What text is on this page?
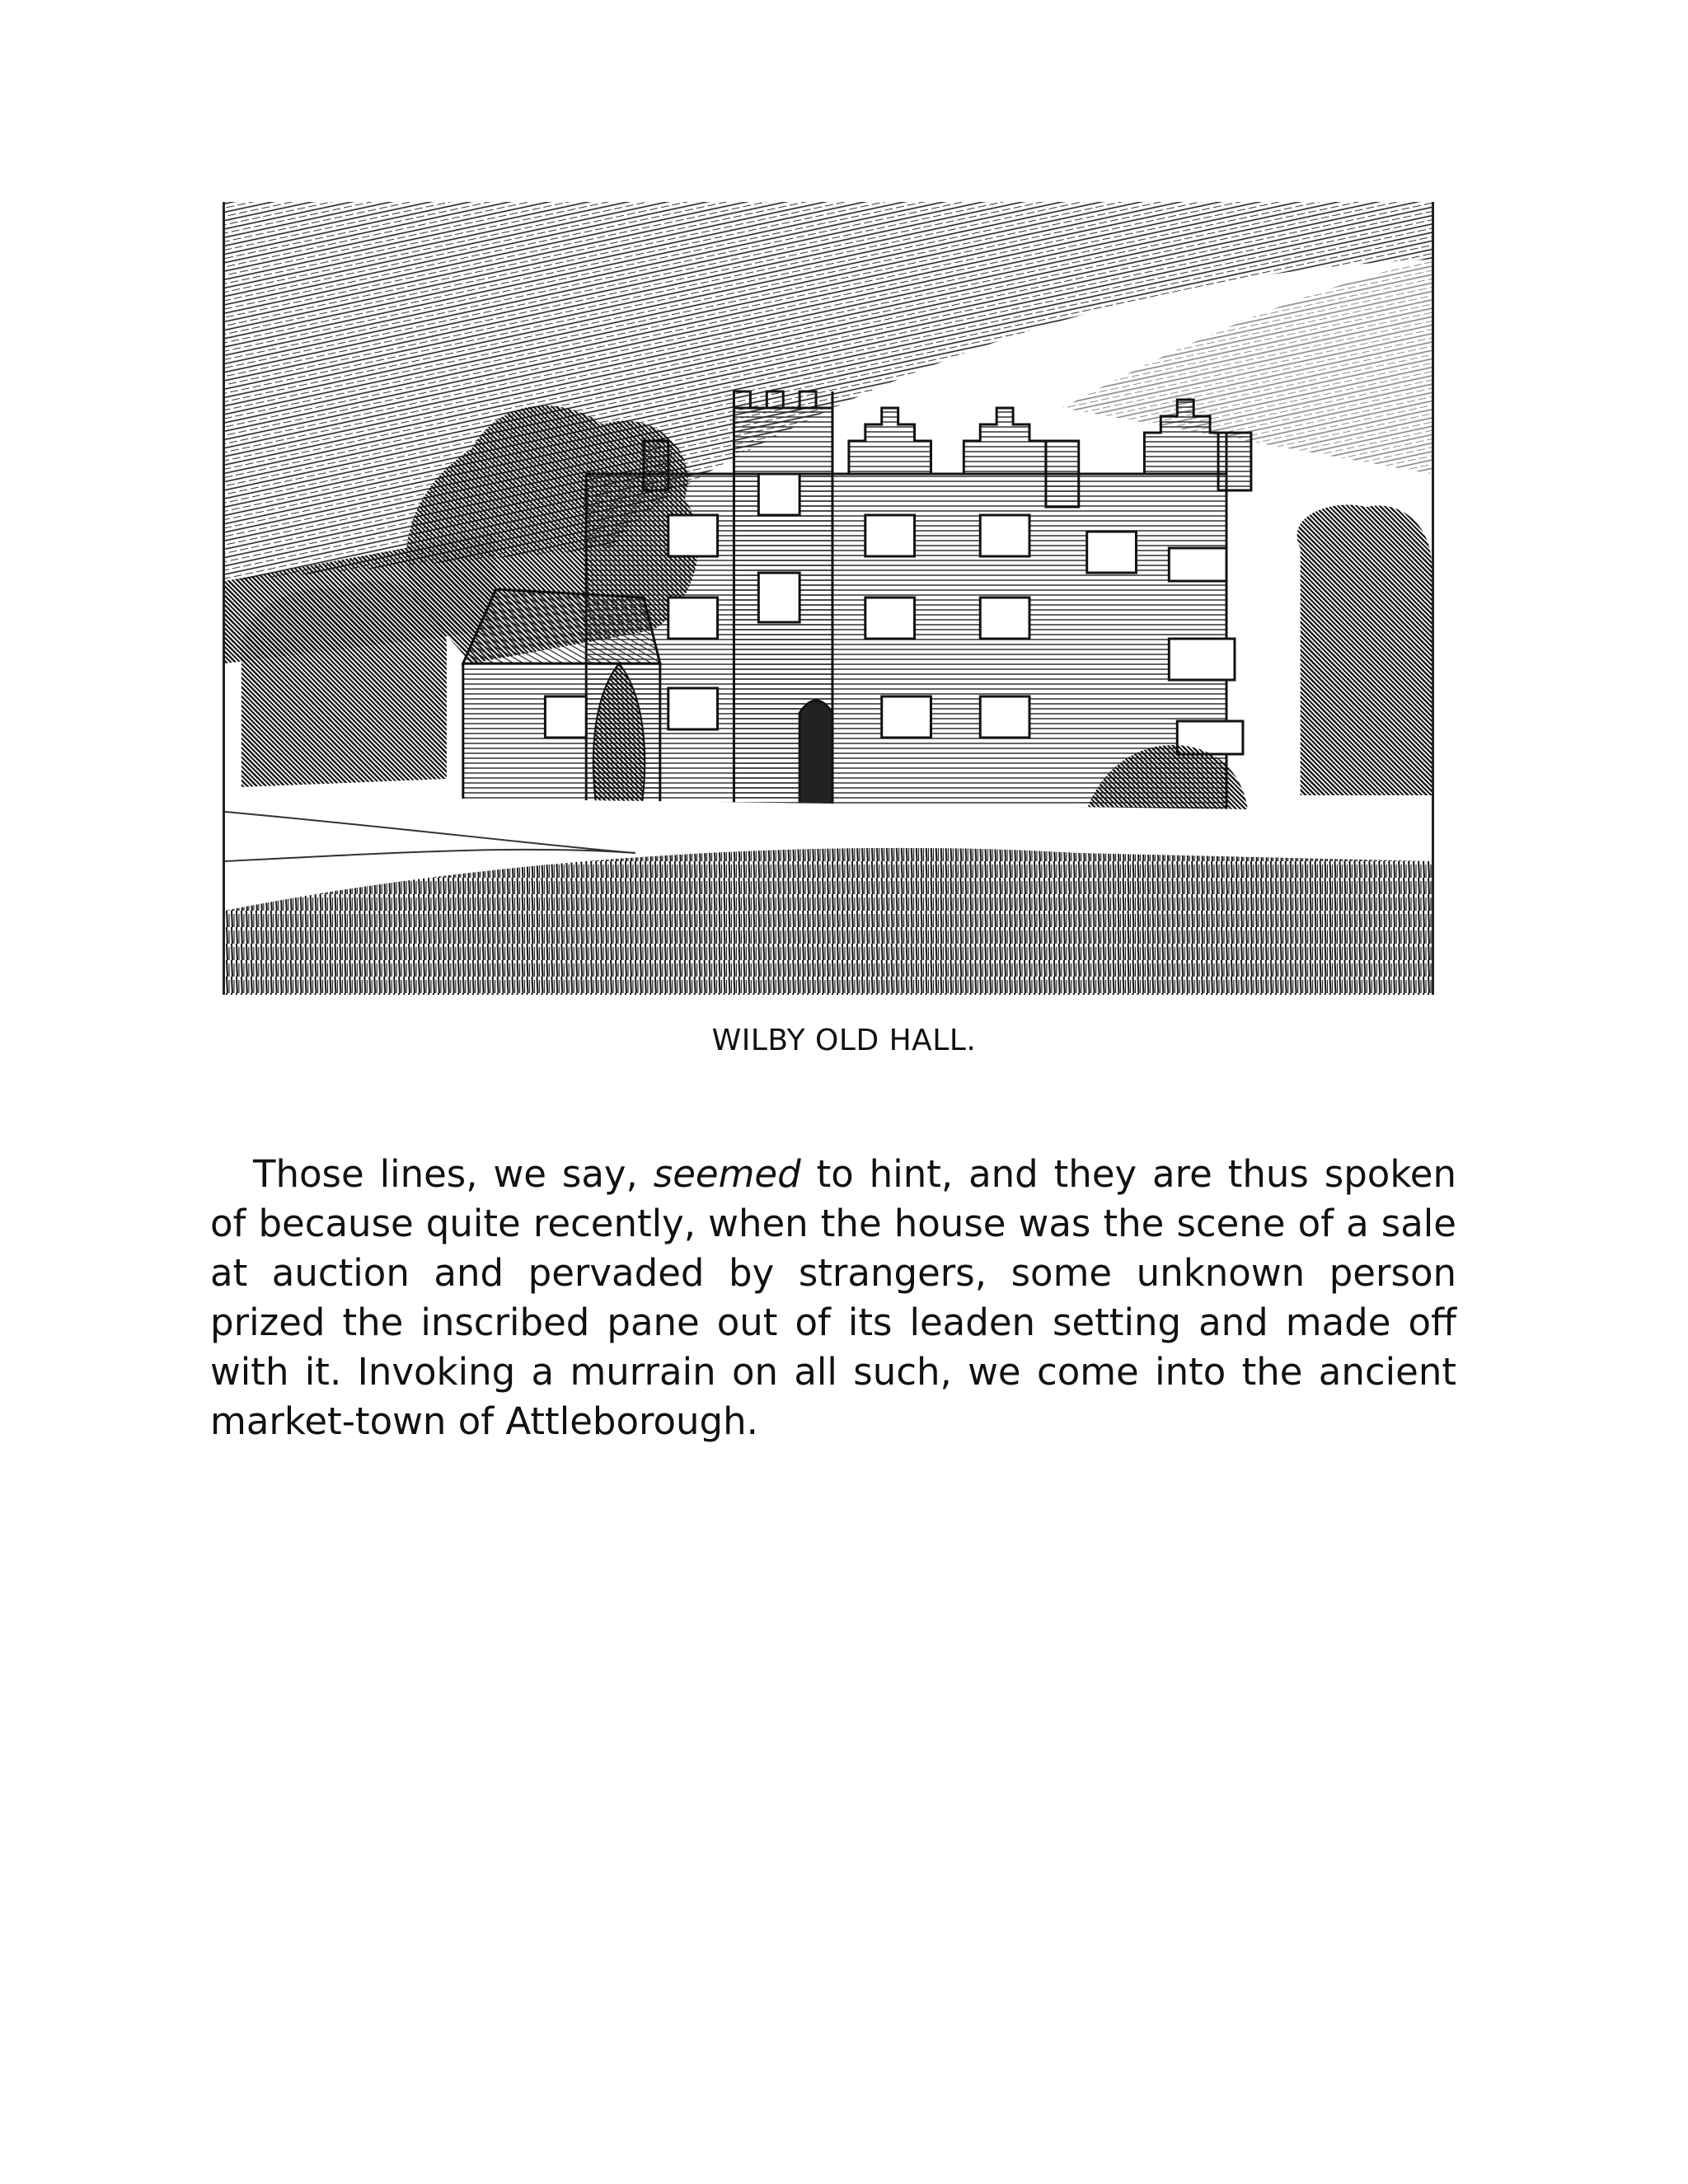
WILBY OLD HALL.

Those lines, we say, seemed to hint, and they are thus spoken of because quite recently, when the house was the scene of a sale at auction and pervaded by strangers, some unknown person prized the inscribed pane out of its leaden setting and made off with it. Invoking a murrain on all such, we come into the ancient market-town of Attleborough.
